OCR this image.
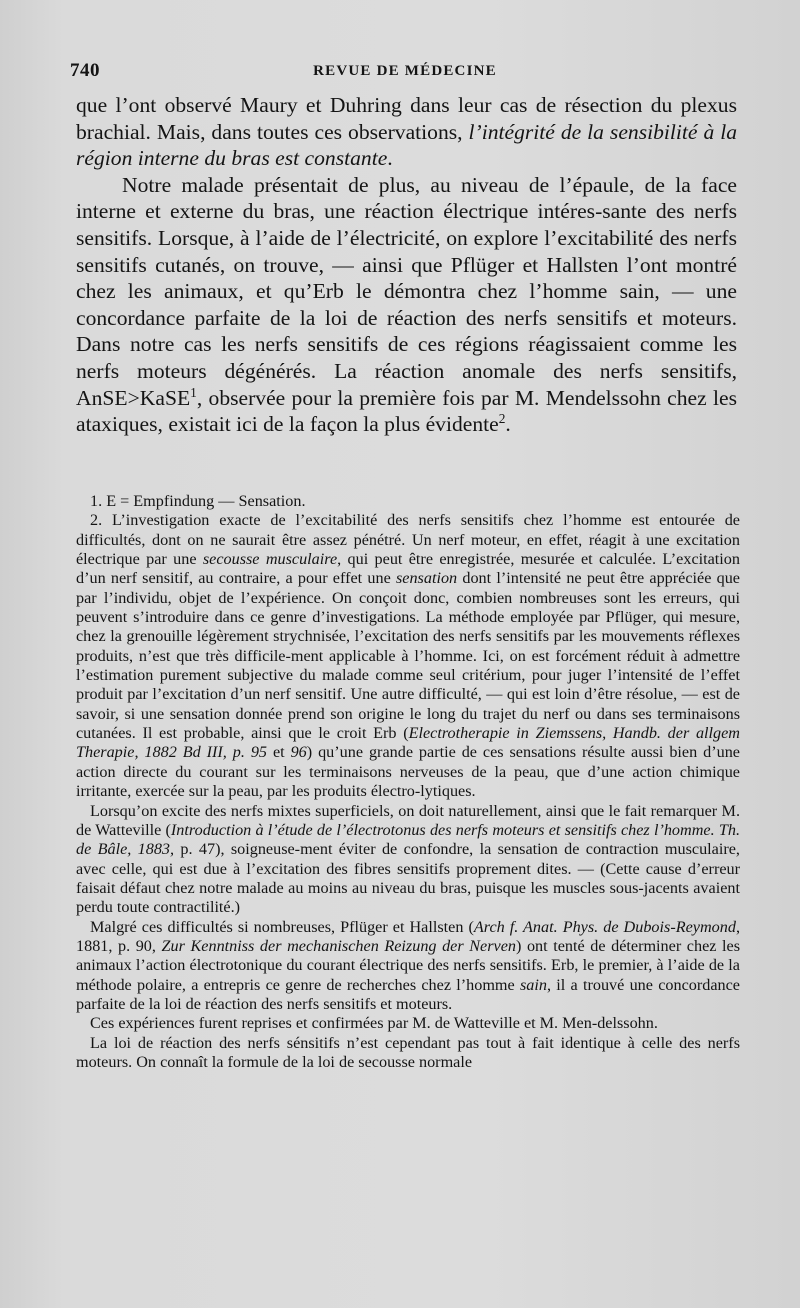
740	REVUE DE MÉDECINE

que l’ont observé Maury et Duhring dans leur cas de résection du plexus brachial. Mais, dans toutes ces observations, l’intégrité de la sensibilité à la région interne du bras est constante.

Notre malade présentait de plus, au niveau de l’épaule, de la face interne et externe du bras, une réaction électrique intéres-sante des nerfs sensitifs. Lorsque, à l’aide de l’électricité, on explore l’excitabilité des nerfs sensitifs cutanés, on trouve, — ainsi que Pflüger et Hallsten l’ont montré chez les animaux, et qu’Erb le démontra chez l’homme sain, — une concordance parfaite de la loi de réaction des nerfs sensitifs et moteurs. Dans notre cas les nerfs sensitifs de ces régions réagissaient comme les nerfs moteurs dégénérés. La réaction anomale des nerfs sensitifs, AnSE>KaSE$^1$, observée pour la première fois par M. Mendelssohn chez les ataxiques, existait ici de la façon la plus évidente$^2$.

1. E = Empfindung — Sensation.

2. L’investigation exacte de l’excitabilité des nerfs sensitifs chez l’homme est entourée de difficultés, dont on ne saurait être assez pénétré. Un nerf moteur, en effet, réagit à une excitation électrique par une secousse musculaire, qui peut être enregistrée, mesurée et calculée. L’excitation d’un nerf sensitif, au contraire, a pour effet une sensation dont l’intensité ne peut être appréciée que par l’individu, objet de l’expérience. On conçoit donc, combien nombreuses sont les erreurs, qui peuvent s’introduire dans ce genre d’investigations. La méthode employée par Pflüger, qui mesure, chez la grenouille légèrement strychnisée, l’excitation des nerfs sensitifs par les mouvements réflexes produits, n’est que très difficile-ment applicable à l’homme. Ici, on est forcément réduit à admettre l’estimation purement subjective du malade comme seul critérium, pour juger l’intensité de l’effet produit par l’excitation d’un nerf sensitif. Une autre difficulté, — qui est loin d’être résolue, — est de savoir, si une sensation donnée prend son origine le long du trajet du nerf ou dans ses terminaisons cutanées. Il est probable, ainsi que le croit Erb (Electrotherapie in Ziemssens, Handb. der allgem Therapie, 1882 Bd III, p. 95 et 96) qu’une grande partie de ces sensations résulte aussi bien d’une action directe du courant sur les terminaisons nerveuses de la peau, que d’une action chimique irritante, exercée sur la peau, par les produits électro-lytiques.

Lorsqu’on excite des nerfs mixtes superficiels, on doit naturellement, ainsi que le fait remarquer M. de Watteville (Introduction à l’étude de l’électrotonus des nerfs moteurs et sensitifs chez l’homme. Th. de Bâle, 1883, p. 47), soigneuse-ment éviter de confondre, la sensation de contraction musculaire, avec celle, qui est due à l’excitation des fibres sensitifs proprement dites. — (Cette cause d’erreur faisait défaut chez notre malade au moins au niveau du bras, puisque les muscles sous-jacents avaient perdu toute contractilité.)

Malgré ces difficultés si nombreuses, Pflüger et Hallsten (Arch f. Anat. Phys. de Dubois-Reymond, 1881, p. 90, Zur Kenntniss der mechanischen Reizung der Nerven) ont tenté de déterminer chez les animaux l’action électrotonique du courant électrique des nerfs sensitifs. Erb, le premier, à l’aide de la méthode polaire, a entrepris ce genre de recherches chez l’homme sain, il a trouvé une concordance parfaite de la loi de réaction des nerfs sensitifs et moteurs.

Ces expériences furent reprises et confirmées par M. de Watteville et M. Men-delssohn.

La loi de réaction des nerfs sénsitifs n’est cependant pas tout à fait identique à celle des nerfs moteurs. On connaît la formule de la loi de secousse normale
